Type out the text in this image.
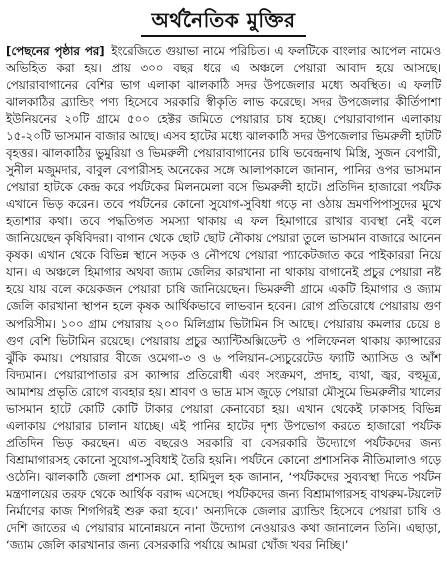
অর্থনৈতিক মুক্তির
[পেছনের পৃষ্ঠার পর] ইংরেজিতে গুয়াভা নামে পরিচিত। এ ফলটিকে বাংলার আপেল নামেও অভিহিত করা হয়। প্রায় ৩০০ বছর ধরে এ অঞ্চলে পেয়ারা আবাদ হয়ে আসছে। পেয়ারাবাগানের বেশির ভাগ এলাকা ঝালকাঠি সদর উপজেলার মধ্যে অবস্থিত। এ ফলটি ঝালকাঠির ব্র্যান্ডিং পণ্য হিসেবে সরকারি স্বীকৃতি লাভ করেছে। সদর উপজেলার কীর্তিপাশা ইউনিয়নের ২০টি গ্রামে ৫০০ হেক্টর জমিতে পেয়ারার চাষ হচ্ছে। পেয়ারাবাগান এলাকায় ১৫-২০টি ভাসমান বাজার আছে। এসব হাটের মধ্যে ঝালকাঠি সদর উপজেলার ভিমরুলী হাটটি বৃহত্তর। ঝালকাঠির ভুমুরিয়া ও ভিমরুলী পেয়ারাবাগানের চাষি ভবেন্দ্রনাথ মিস্ত্রি, সুজন বেপারী, সুনীল মজুমদার, বাবুল বেপারীসহ অনেকের সঙ্গে আলাপকালে জানান, পানির ওপর ভাসমান পেয়ারা হাটকে কেন্দ্র করে পর্যটকের মিলনমেলা বসে ভিমরুলী হাটে। প্রতিদিন হাজারো পর্যটক এখানে ভিড় করেন। তবে পর্যটনের কোনো সুযোগ-সুবিধা গড়ে না ওঠায় ভ্রমণপিপাসুদের মুখে হতাশার কথা। তবে পদ্ধতিগত সমস্যা থাকায় এ ফল হিমাগারে রাখার ব্যবস্থা নেই বলে জানিয়েছেন কৃষিবিদরা। বাগান থেকে ছোট ছোট নৌকায় পেয়ারা তুলে ভাসমান বাজারে আনেন কৃষক। এখান থেকে বিভিন্ন স্থানে সড়ক ও নৌপথে পেয়ারা প্যাকেটজাত করে পাইকাররা নিয়ে যান। এ অঞ্চলে হিমাগার অথবা জ্যাম জেলির কারখানা না থাকায় বাগানেই প্রচুর পেয়ারা নষ্ট হয়ে যায় বলে কয়েকজন পেয়ারা চাষি জানিয়েছেন। ভিমরুলী গ্রামে একটি হিমাগার ও জ্যাম জেলি কারখানা স্থাপন হলে কৃষক আর্থিকভাবে লাভবান হবেন। রোগ প্রতিরোধে পেয়ারায় গুণ অপরিসীম। ১০০ গ্রাম পেয়ারায় ২০০ মিলিগ্রাম ভিটামিন সি আছে। পেয়ারায় কমলার চেয়ে ৪ গুণ বেশি ভিটামিন রয়েছে। পেয়ারায় প্রচুর অ্যান্টিঅক্সিডেন্ট ও পলিফেনল থাকায় ক্যান্সারের ঝুঁকি কমায়। পেয়ারার বীজে ওমেগা-৩ ও ৬ পলিয়ান-স্যেচুরেটেড ফ্যাটি অ্যাসিড ও আঁশ বিদ্যমান। পেয়ারাপাতার রস ক্যান্সার প্রতিরোধী এবং সংক্রমণ, প্রদাহ, ব্যথা, জ্বর, বহুমূত্র, আমাশয় প্রভৃতি রোগে ব্যবহার হয়। শ্রাবণ ও ভাদ্র মাস জুড়ে পেয়ারা মৌসুমে ভিমরুলীর খালের ভাসমান হাটে কোটি কোটি টাকার পেয়ারা কেনাবেচা হয়। এখান থেকেই ঢাকাসহ বিভিন্ন এলাকায় পেয়ারার চালান যাচ্ছে। এই পানির হাটের দৃশ্য উপভোগ করতে হাজারো পর্যটক প্রতিদিন ভিড় করছেন। এত বছরেও সরকারি বা বেসরকারি উদ্যোগে পর্যটকদের জন্য বিশ্রামাগারসহ কোনো সুযোগ-সুবিধাই তৈরি হয়নি। পর্যটনে কোনো প্রশাসনিক নীতিমালাও গড়ে ওঠেনি। ঝালকাঠি জেলা প্রশাসক মো. হামিদুল হক জানান, ‘পর্যটকদের সুব্যবস্থা দিতে পর্যটন মন্ত্রণালয়ের তরফ থেকে আর্থিক বরাদ্দ এসেছে। পর্যটকদের জন্য বিশ্রামাগারসহ বাথরুম-টয়লেট নির্মাণের কাজ শিগগিরই শুরু করা হবে।’ অন্যদিকে জেলার ব্র্যান্ডিং হিসেবে পেয়ারা চাষি ও দেশি জাতের এ পেয়ারার মানোন্নয়নে নানা উদ্যোগ নেওয়ারও কথা জানালেন তিনি। এছাড়া, ‘জ্যাম জেলি কারখানার জন্য বেসরকারি পর্যায়ে আমরা খোঁজ খবর নিচ্ছি।’
